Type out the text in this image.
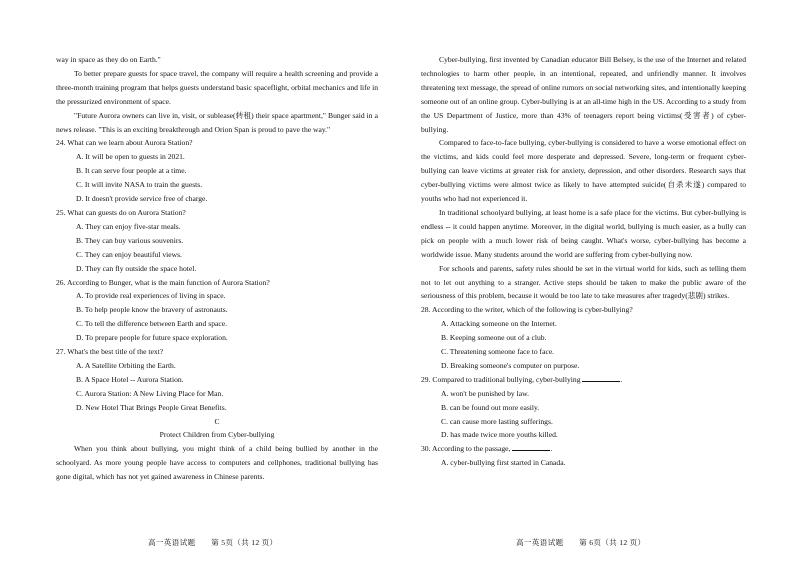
way in space as they do on Earth."

To better prepare guests for space travel, the company will require a health screening and provide a three-month training program that helps guests understand basic spaceflight, orbital mechanics and life in the pressurized environment of space.

"Future Aurora owners can live in, visit, or sublease(转租) their space apartment," Bunger said in a news release. "This is an exciting breakthrough and Orion Span is proud to pave the way."

24. What can we learn about Aurora Station?

A. It will be open to guests in 2021.

B. It can serve four people at a time.

C. It will invite NASA to train the guests.

D. It doesn't provide service free of charge.

25. What can guests do on Aurora Station?

A. They can enjoy five-star meals.

B. They can buy various souvenirs.

C. They can enjoy beautiful views.

D. They can fly outside the space hotel.

26. According to Bunger, what is the main function of Aurora Station?

A. To provide real experiences of living in space.

B. To help people know the bravery of astronauts.

C. To tell the difference between Earth and space.

D. To prepare people for future space exploration.

27. What's the best title of the text?

A. A Satellite Orbiting the Earth.

B. A Space Hotel -- Aurora Station.

C. Aurora Station: A New Living Place for Man.

D. New Hotel That Brings People Great Benefits.

C

Protect Children from Cyber-bullying

When you think about bullying, you might think of a child being bullied by another in the schoolyard. As more young people have access to computers and cellphones, traditional bullying has gone digital, which has not yet gained awareness in Chinese parents.

Cyber-bullying, first invented by Canadian educator Bill Belsey, is the use of the Internet and related technologies to harm other people, in an intentional, repeated, and unfriendly manner. It involves threatening text message, the spread of online rumors on social networking sites, and intentionally keeping someone out of an online group. Cyber-bullying is at an all-time high in the US. According to a study from the US Department of Justice, more than 43% of teenagers report being victims(受害者) of cyber-bullying.

Compared to face-to-face bullying, cyber-bullying is considered to have a worse emotional effect on the victims, and kids could feel more desperate and depressed. Severe, long-term or frequent cyber-bullying can leave victims at greater risk for anxiety, depression, and other disorders. Research says that cyber-bullying victims were almost twice as likely to have attempted suicide(自杀未遂) compared to youths who had not experienced it.

In traditional schoolyard bullying, at least home is a safe place for the victims. But cyber-bullying is endless -- it could happen anytime. Moreover, in the digital world, bullying is much easier, as a bully can pick on people with a much lower risk of being caught. What's worse, cyber-bullying has become a worldwide issue. Many students around the world are suffering from cyber-bullying now.

For schools and parents, safety rules should be set in the virtual world for kids, such as telling them not to let out anything to a stranger. Active steps should be taken to make the public aware of the seriousness of this problem, because it would be too late to take measures after tragedy(悲剧) strikes.

28. According to the writer, which of the following is cyber-bullying?

A. Attacking someone on the Internet.

B. Keeping someone out of a club.

C. Threatening someone face to face.

D. Breaking someone's computer on purpose.

29. Compared to traditional bullying, cyber-bullying	.

A. won't be punished by law.

B. can be found out more easily.

C. can cause more lasting sufferings.

D. has made twice more youths killed.

30. According to the passage,	.

A. cyber-bullying first started in Canada.

高一英语试题　　第 5页（共 12 页）	高一英语试题　　第 6页（共 12 页）
